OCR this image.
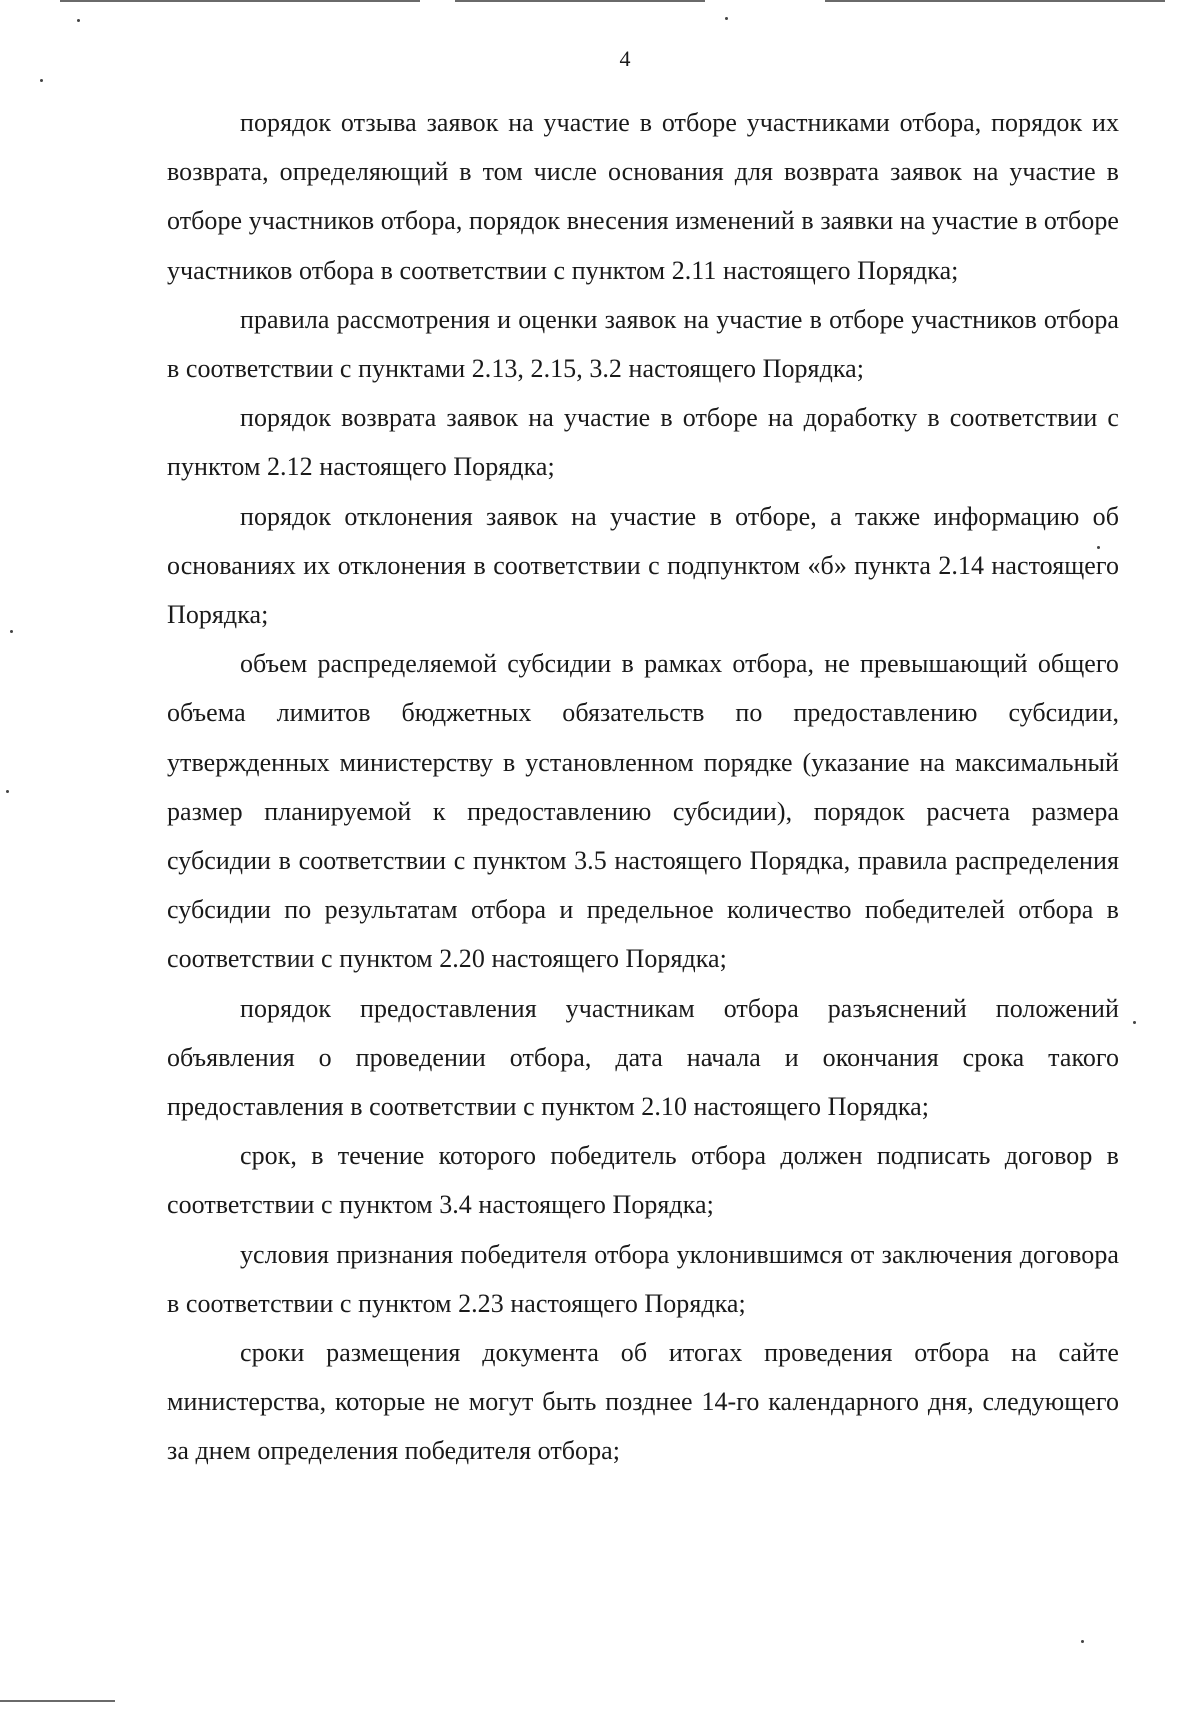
4

порядок отзыва заявок на участие в отборе участниками отбора, порядок их возврата, определяющий в том числе основания для возврата заявок на участие в отборе участников отбора, порядок внесения изменений в заявки на участие в отборе участников отбора в соответствии с пунктом 2.11 настоящего Порядка;

правила рассмотрения и оценки заявок на участие в отборе участников отбора в соответствии с пунктами 2.13, 2.15, 3.2 настоящего Порядка;

порядок возврата заявок на участие в отборе на доработку в соответствии с пунктом 2.12 настоящего Порядка;

порядок отклонения заявок на участие в отборе, а также информацию об основаниях их отклонения в соответствии с подпунктом «б» пункта 2.14 настоящего Порядка;

объем распределяемой субсидии в рамках отбора, не превышающий общего объема лимитов бюджетных обязательств по предоставлению субсидии, утвержденных министерству в установленном порядке (указание на максимальный размер планируемой к предоставлению субсидии), порядок расчета размера субсидии в соответствии с пунктом 3.5 настоящего Порядка, правила распределения субсидии по результатам отбора и предельное количество победителей отбора в соответствии с пунктом 2.20 настоящего Порядка;

порядок предоставления участникам отбора разъяснений положений объявления о проведении отбора, дата начала и окончания срока такого предоставления в соответствии с пунктом 2.10 настоящего Порядка;

срок, в течение которого победитель отбора должен подписать договор в соответствии с пунктом 3.4 настоящего Порядка;

условия признания победителя отбора уклонившимся от заключения договора в соответствии с пунктом 2.23 настоящего Порядка;

сроки размещения документа об итогах проведения отбора на сайте министерства, которые не могут быть позднее 14-го календарного дня, следующего за днем определения победителя отбора;
